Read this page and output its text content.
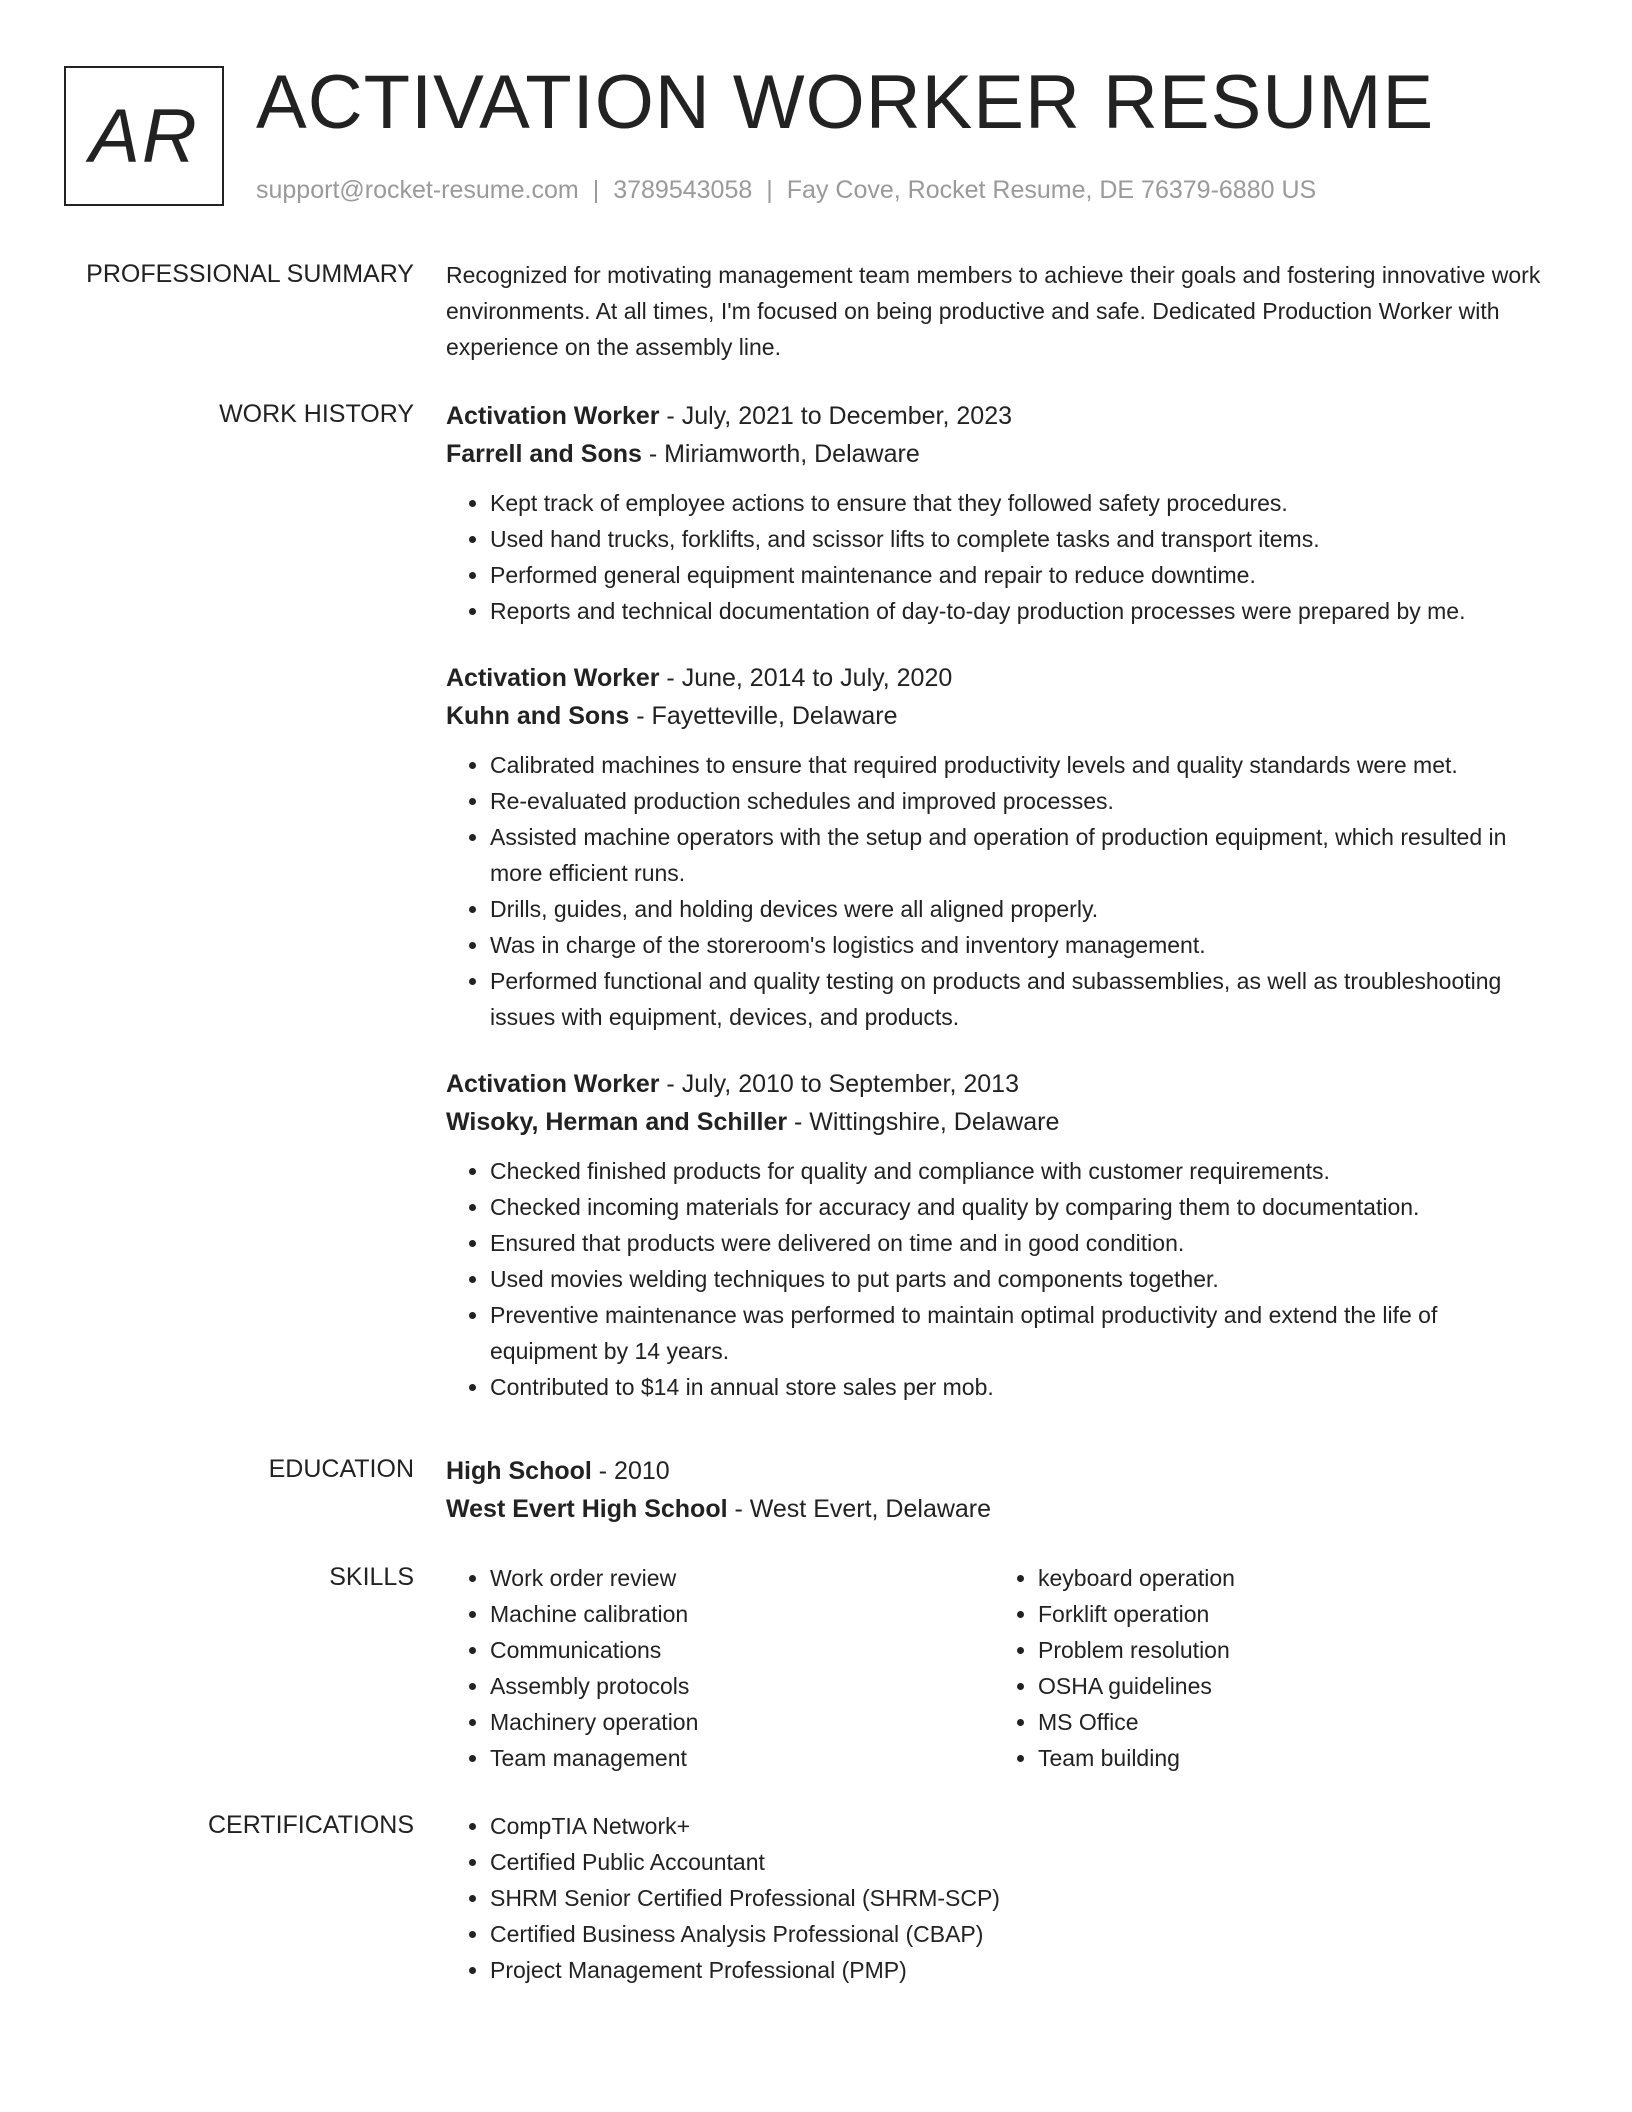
AR ACTIVATION WORKER RESUME
support@rocket-resume.com | 3789543058 | Fay Cove, Rocket Resume, DE 76379-6880 US
PROFESSIONAL SUMMARY Recognized for motivating management team members to achieve their goals and fostering innovative work environments. At all times, I'm focused on being productive and safe. Dedicated Production Worker with experience on the assembly line.

WORK HISTORY Activation Worker - July, 2021 to December, 2023
Farrell and Sons - Miriamworth, Delaware
• Kept track of employee actions to ensure that they followed safety procedures.
• Used hand trucks, forklifts, and scissor lifts to complete tasks and transport items.
• Performed general equipment maintenance and repair to reduce downtime.
• Reports and technical documentation of day-to-day production processes were prepared by me.
Activation Worker - June, 2014 to July, 2020
Kuhn and Sons - Fayetteville, Delaware
• Calibrated machines to ensure that required productivity levels and quality standards were met.
• Re-evaluated production schedules and improved processes.
• Assisted machine operators with the setup and operation of production equipment, which resulted in more efficient runs.
• Drills, guides, and holding devices were all aligned properly.
• Was in charge of the storeroom's logistics and inventory management.
• Performed functional and quality testing on products and subassemblies, as well as troubleshooting issues with equipment, devices, and products.
Activation Worker - July, 2010 to September, 2013
Wisoky, Herman and Schiller - Wittingshire, Delaware
• Checked finished products for quality and compliance with customer requirements.
• Checked incoming materials for accuracy and quality by comparing them to documentation.
• Ensured that products were delivered on time and in good condition.
• Used movies welding techniques to put parts and components together.
• Preventive maintenance was performed to maintain optimal productivity and extend the life of equipment by 14 years.
• Contributed to $14 in annual store sales per mob.
EDUCATION High School - 2010
West Evert High School - West Evert, Delaware
SKILLS	• Work order review
• Machine calibration
• Communications
• Assembly protocols
• Machinery operation
• Team management
• keyboard operation
• Forklift operation
• Problem resolution
• OSHA guidelines
• MS Office
• Team building
CERTIFICATIONS	• CompTIA Network+
• Certified Public Accountant
• SHRM Senior Certified Professional (SHRM-SCP)
• Certified Business Analysis Professional (CBAP)
• Project Management Professional (PMP)
